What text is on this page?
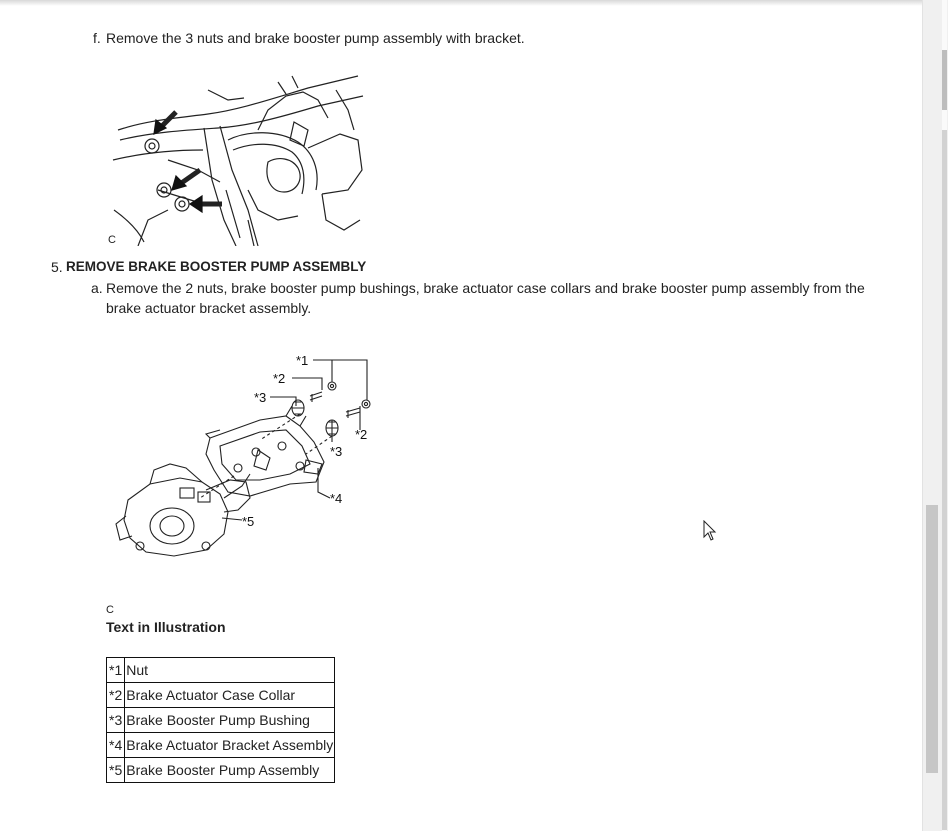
f. Remove the 3 nuts and brake booster pump assembly with bracket.
C
5. REMOVE BRAKE BOOSTER PUMP ASSEMBLY
a. Remove the 2 nuts, brake booster pump bushings, brake actuator case collars and brake booster pump assembly from the
brake actuator bracket assembly.
*1
*2
*3
*2
*3
*4
*5
C
Text in Illustration
*1	Nut
*2	Brake Actuator Case Collar
*3	Brake Booster Pump Bushing
*4	Brake Actuator Bracket Assembly
*5	Brake Booster Pump Assembly
